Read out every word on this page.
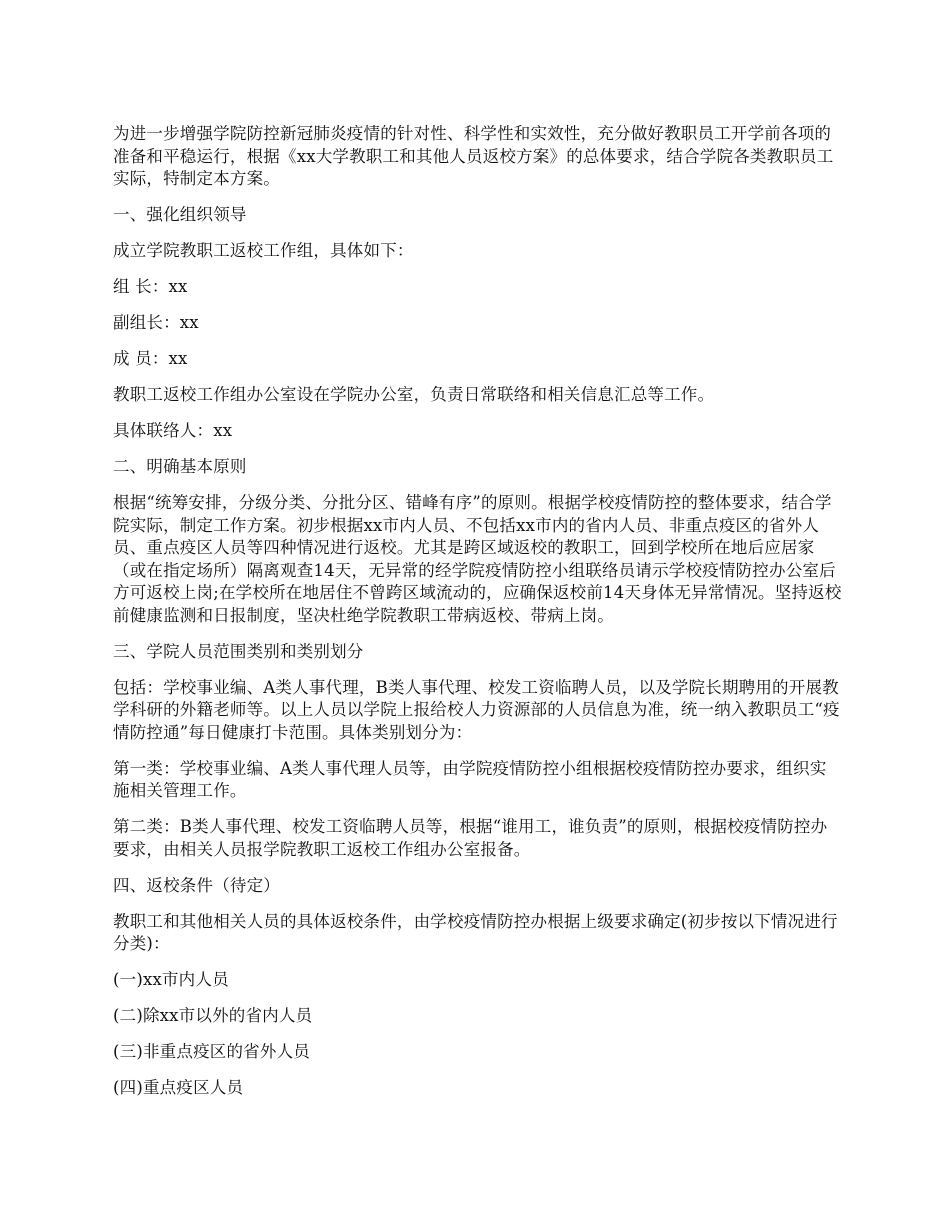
为进一步增强学院防控新冠肺炎疫情的针对性、科学性和实效性，充分做好教职员工开学前各项的准备和平稳运行，根据《xx大学教职工和其他人员返校方案》的总体要求，结合学院各类教职员工实际，特制定本方案。

一、强化组织领导

成立学院教职工返校工作组，具体如下：

组 长：xx

副组长：xx

成 员：xx

教职工返校工作组办公室设在学院办公室，负责日常联络和相关信息汇总等工作。

具体联络人：xx

二、明确基本原则

根据“统筹安排，分级分类、分批分区、错峰有序”的原则。根据学校疫情防控的整体要求，结合学院实际，制定工作方案。初步根据xx市内人员、不包括xx市内的省内人员、非重点疫区的省外人员、重点疫区人员等四种情况进行返校。尤其是跨区域返校的教职工，回到学校所在地后应居家（或在指定场所）隔离观查14天，无异常的经学院疫情防控小组联络员请示学校疫情防控办公室后方可返校上岗;在学校所在地居住不曾跨区域流动的，应确保返校前14天身体无异常情况。坚持返校前健康监测和日报制度，坚决杜绝学院教职工带病返校、带病上岗。

三、学院人员范围类别和类别划分

包括：学校事业编、A类人事代理，B类人事代理、校发工资临聘人员，以及学院长期聘用的开展教学科研的外籍老师等。以上人员以学院上报给校人力资源部的人员信息为准，统一纳入教职员工“疫情防控通”每日健康打卡范围。具体类别划分为：

第一类：学校事业编、A类人事代理人员等，由学院疫情防控小组根据校疫情防控办要求，组织实施相关管理工作。

第二类：B类人事代理、校发工资临聘人员等，根据“谁用工，谁负责”的原则，根据校疫情防控办要求，由相关人员报学院教职工返校工作组办公室报备。

四、返校条件（待定）

教职工和其他相关人员的具体返校条件，由学校疫情防控办根据上级要求确定(初步按以下情况进行分类)：

(一)xx市内人员

(二)除xx市以外的省内人员

(三)非重点疫区的省外人员

(四)重点疫区人员
